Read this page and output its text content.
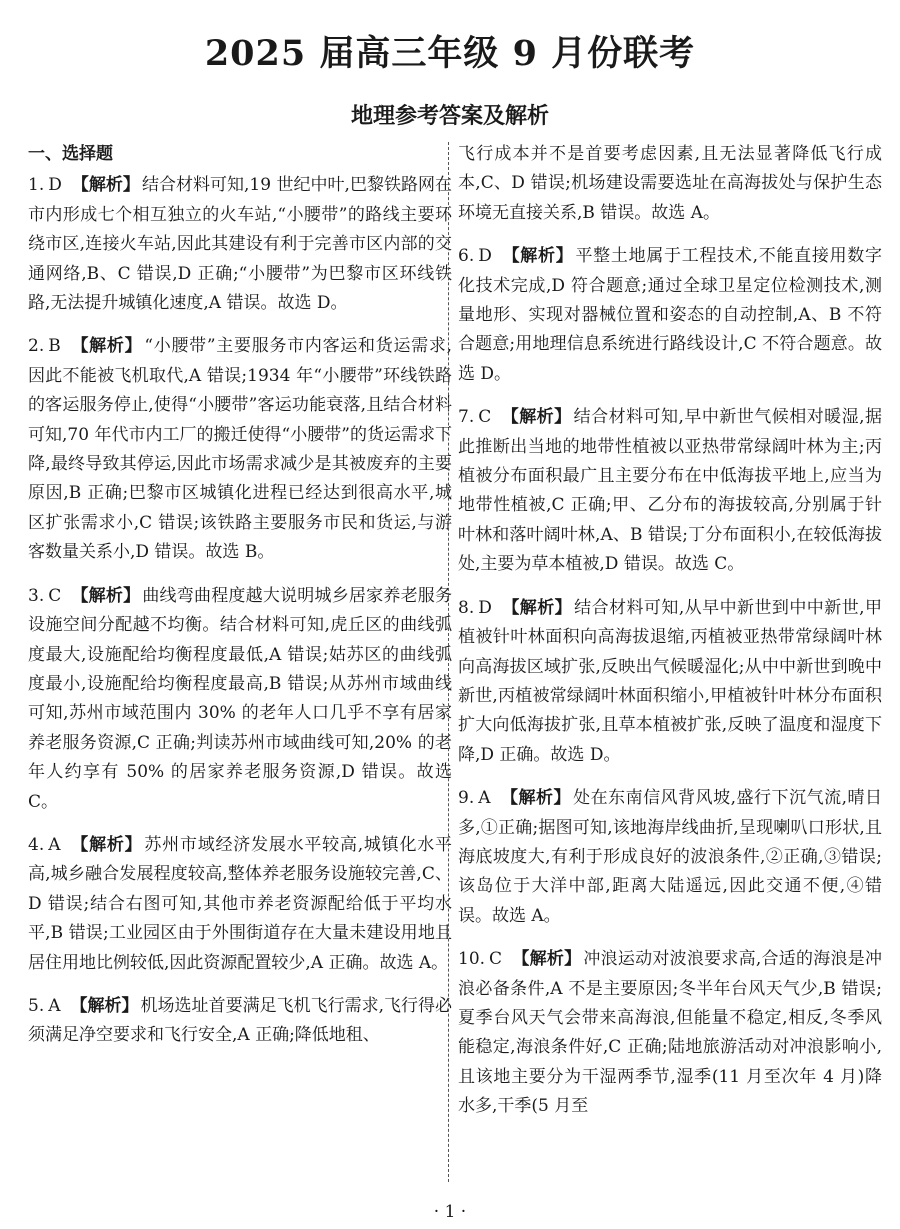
2025 届高三年级 9 月份联考
地理参考答案及解析
一、选择题
1. D 【解析】 结合材料可知,19 世纪中叶,巴黎铁路网在市内形成七个相互独立的火车站,“小腰带”的路线主要环绕市区,连接火车站,因此其建设有利于完善市区内部的交通网络,B、C 错误,D 正确;“小腰带”为巴黎市区环线铁路,无法提升城镇化速度,A 错误。故选 D。
2. B 【解析】 “小腰带”主要服务市内客运和货运需求,因此不能被飞机取代,A 错误;1934 年“小腰带”环线铁路的客运服务停止,使得“小腰带”客运功能衰落,且结合材料可知,70 年代市内工厂的搬迁使得“小腰带”的货运需求下降,最终导致其停运,因此市场需求减少是其被废弃的主要原因,B 正确;巴黎市区城镇化进程已经达到很高水平,城区扩张需求小,C 错误;该铁路主要服务市民和货运,与游客数量关系小,D 错误。故选 B。
3. C 【解析】 曲线弯曲程度越大说明城乡居家养老服务设施空间分配越不均衡。结合材料可知,虎丘区的曲线弧度最大,设施配给均衡程度最低,A 错误;姑苏区的曲线弧度最小,设施配给均衡程度最高,B 错误;从苏州市域曲线可知,苏州市域范围内 30% 的老年人口几乎不享有居家养老服务资源,C 正确;判读苏州市域曲线可知,20% 的老年人约享有 50% 的居家养老服务资源,D 错误。故选 C。
4. A 【解析】 苏州市域经济发展水平较高,城镇化水平高,城乡融合发展程度较高,整体养老服务设施较完善,C、D 错误;结合右图可知,其他市养老资源配给低于平均水平,B 错误;工业园区由于外围街道存在大量未建设用地且居住用地比例较低,因此资源配置较少,A 正确。故选 A。
5. A 【解析】 机场选址首要满足飞机飞行需求,飞行得必须满足净空要求和飞行安全,A 正确;降低地租、
飞行成本并不是首要考虑因素,且无法显著降低飞行成本,C、D 错误;机场建设需要选址在高海拔处与保护生态环境无直接关系,B 错误。故选 A。
6. D 【解析】 平整土地属于工程技术,不能直接用数字化技术完成,D 符合题意;通过全球卫星定位检测技术,测量地形、实现对器械位置和姿态的自动控制,A、B 不符合题意;用地理信息系统进行路线设计,C 不符合题意。故选 D。
7. C 【解析】 结合材料可知,早中新世气候相对暖湿,据此推断出当地的地带性植被以亚热带常绿阔叶林为主;丙植被分布面积最广且主要分布在中低海拔平地上,应当为地带性植被,C 正确;甲、乙分布的海拔较高,分别属于针叶林和落叶阔叶林,A、B 错误;丁分布面积小,在较低海拔处,主要为草本植被,D 错误。故选 C。
8. D 【解析】 结合材料可知,从早中新世到中中新世,甲植被针叶林面积向高海拔退缩,丙植被亚热带常绿阔叶林向高海拔区域扩张,反映出气候暖湿化;从中中新世到晚中新世,丙植被常绿阔叶林面积缩小,甲植被针叶林分布面积扩大向低海拔扩张,且草本植被扩张,反映了温度和湿度下降,D 正确。故选 D。
9. A 【解析】 处在东南信风背风坡,盛行下沉气流,晴日多,①正确;据图可知,该地海岸线曲折,呈现喇叭口形状,且海底坡度大,有利于形成良好的波浪条件,②正确,③错误;该岛位于大洋中部,距离大陆遥远,因此交通不便,④错误。故选 A。
10. C 【解析】 冲浪运动对波浪要求高,合适的海浪是冲浪必备条件,A 不是主要原因;冬半年台风天气少,B 错误;夏季台风天气会带来高海浪,但能量不稳定,相反,冬季风能稳定,海浪条件好,C 正确;陆地旅游活动对冲浪影响小,且该地主要分为干湿两季节,湿季(11 月至次年 4 月)降水多,干季(5 月至
· 1 ·
